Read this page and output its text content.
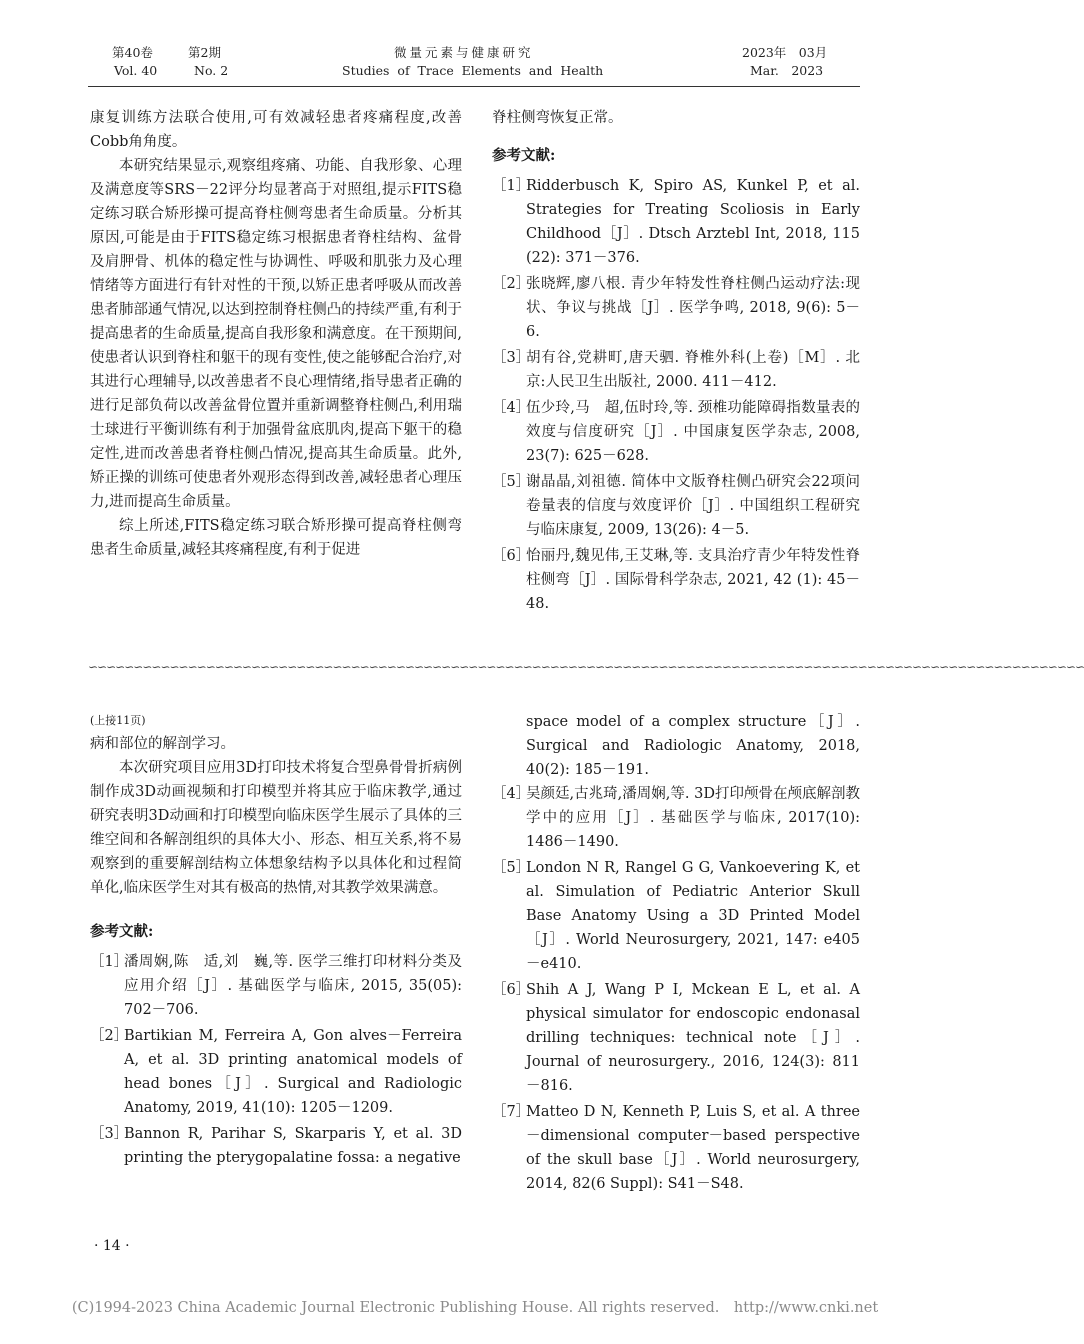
第40卷	第2期	微量元素与健康研究	2023年　03月
Vol. 40	No. 2	Studies of Trace Elements and Health	Mar.　2023

康复训练方法联合使用,可有效减轻患者疼痛程度,改善Cobb角角度。

本研究结果显示,观察组疼痛、功能、自我形象、心理及满意度等SRS－22评分均显著高于对照组,提示FITS稳定练习联合矫形操可提高脊柱侧弯患者生命质量。分析其原因,可能是由于FITS稳定练习根据患者脊柱结构、盆骨及肩胛骨、机体的稳定性与协调性、呼吸和肌张力及心理情绪等方面进行有针对性的干预,以矫正患者呼吸从而改善患者肺部通气情况,以达到控制脊柱侧凸的持续严重,有利于提高患者的生命质量,提高自我形象和满意度。在干预期间,使患者认识到脊柱和躯干的现有变性,使之能够配合治疗,对其进行心理辅导,以改善患者不良心理情绪,指导患者正确的进行足部负荷以改善盆骨位置并重新调整脊柱侧凸,利用瑞士球进行平衡训练有利于加强骨盆底肌肉,提高下躯干的稳定性,进而改善患者脊柱侧凸情况,提高其生命质量。此外,矫正操的训练可使患者外观形态得到改善,减轻患者心理压力,进而提高生命质量。

综上所述,FITS稳定练习联合矫形操可提高脊柱侧弯患者生命质量,减轻其疼痛程度,有利于促进

脊柱侧弯恢复正常。

参考文献:
［1］
Ridderbusch K, Spiro AS, Kunkel P, et al. Strategies for Treating Scoliosis in Early Childhood［J］. Dtsch Arztebl Int, 2018, 115 (22): 371－376.
［2］
张晓辉,廖八根. 青少年特发性脊柱侧凸运动疗法:现状、争议与挑战［J］. 医学争鸣, 2018, 9(6): 5－6.
［3］
胡有谷,党耕町,唐天驷. 脊椎外科(上卷)［M］. 北京:人民卫生出版社, 2000. 411－412.
［4］
伍少玲,马　超,伍时玲,等. 颈椎功能障碍指数量表的效度与信度研究［J］. 中国康复医学杂志, 2008, 23(7): 625－628.
［5］
谢晶晶,刘祖德. 简体中文版脊柱侧凸研究会22项问卷量表的信度与效度评价［J］. 中国组织工程研究与临床康复, 2009, 13(26): 4－5.
［6］
怡丽丹,魏见伟,王艾琳,等. 支具治疗青少年特发性脊柱侧弯［J］. 国际骨科学杂志, 2021, 42 (1): 45－48.
∽∽∽∽∽∽∽∽∽∽∽∽∽∽∽∽∽∽∽∽∽∽∽∽∽∽∽∽∽∽∽∽∽∽∽∽∽∽∽∽∽∽∽∽∽∽∽∽∽∽∽∽∽∽∽∽∽∽∽∽∽∽∽∽∽∽∽∽∽∽∽∽∽∽∽∽∽∽∽∽∽∽∽∽∽∽∽∽∽∽∽∽∽∽∽∽∽∽∽∽∽∽∽∽∽∽∽∽∽∽
(上接11页)

病和部位的解剖学习。

本次研究项目应用3D打印技术将复合型鼻骨骨折病例制作成3D动画视频和打印模型并将其应于临床教学,通过研究表明3D动画和打印模型向临床医学生展示了具体的三维空间和各解剖组织的具体大小、形态、相互关系,将不易观察到的重要解剖结构立体想象结构予以具体化和过程简单化,临床医学生对其有极高的热情,对其教学效果满意。

参考文献:
［1］
潘周娴,陈　适,刘　巍,等. 医学三维打印材料分类及应用介绍［J］. 基础医学与临床, 2015, 35(05): 702－706.
［2］
Bartikian M, Ferreira A, Gon alves－Ferreira A, et al. 3D printing anatomical models of head bones［J］. Surgical and Radiologic Anatomy, 2019, 41(10): 1205－1209.
［3］
Bannon R, Parihar S, Skarparis Y, et al. 3D printing the pterygopalatine fossa: a negative

space model of a complex structure［J］. Surgical and Radiologic Anatomy, 2018, 40(2): 185－191.

［4］
吴颜廷,古兆琦,潘周娴,等. 3D打印颅骨在颅底解剖教学中的应用［J］. 基础医学与临床, 2017(10): 1486－1490.
［5］
London N R, Rangel G G, Vankoevering K, et al. Simulation of Pediatric Anterior Skull Base Anatomy Using a 3D Printed Model［J］. World Neurosurgery, 2021, 147: e405－e410.
［6］
Shih A J, Wang P I, Mckean E L, et al. A physical simulator for endoscopic endonasal drilling techniques: technical note［J］. Journal of neurosurgery., 2016, 124(3): 811－816.
［7］
Matteo D N, Kenneth P, Luis S, et al. A three－dimensional computer－based perspective of the skull base［J］. World neurosurgery, 2014, 82(6 Suppl): S41－S48.
· 14 ·
(C)1994-2023 China Academic Journal Electronic Publishing House. All rights reserved.　http://www.cnki.net
